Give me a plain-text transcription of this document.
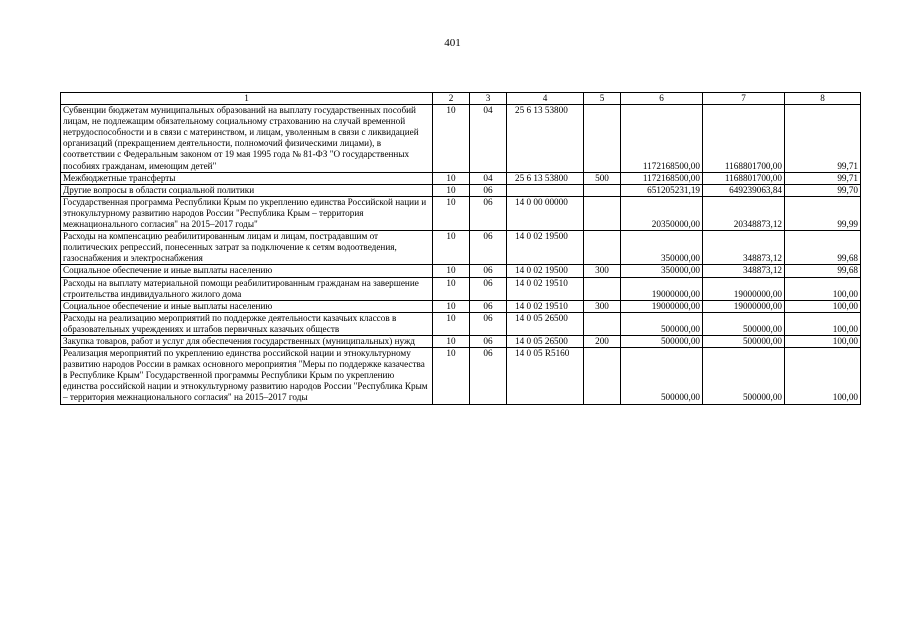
401
1	2	3	4	5	6	7	8
Субвенции бюджетам муниципальных образований на выплату государственных пособий лицам, не подлежащим обязательному социальному страхованию на случай временной нетрудоспособности и в связи с материнством, и лицам, уволенным в связи с ликвидацией организаций (прекращением деятельности, полномочий физическими лицами), в соответствии с Федеральным законом от 19 мая 1995 года № 81-ФЗ "О государственных пособиях гражданам, имеющим детей"	10	04	25 6 13 53800		1172168500,00	1168801700,00	99,71
Межбюджетные трансферты	10	04	25 6 13 53800	500	1172168500,00	1168801700,00	99,71
Другие вопросы в области социальной политики	10	06			651205231,19	649239063,84	99,70
Государственная программа Республики Крым по укреплению единства Российской нации и этнокультурному развитию народов России "Республика Крым – территория межнационального согласия" на 2015–2017 годы"	10	06	14 0 00 00000		20350000,00	20348873,12	99,99
Расходы на компенсацию реабилитированным лицам и лицам, пострадавшим от политических репрессий, понесенных затрат за подключение к сетям водоотведения, газоснабжения и электроснабжения	10	06	14 0 02 19500		350000,00	348873,12	99,68
Социальное обеспечение и иные выплаты населению	10	06	14 0 02 19500	300	350000,00	348873,12	99,68
Расходы на выплату материальной помощи реабилитированным гражданам на завершение строительства индивидуального жилого дома	10	06	14 0 02 19510		19000000,00	19000000,00	100,00
Социальное обеспечение и иные выплаты населению	10	06	14 0 02 19510	300	19000000,00	19000000,00	100,00
Расходы на реализацию мероприятий по поддержке деятельности казачьих классов в образовательных учреждениях и штабов первичных казачьих обществ	10	06	14 0 05 26500		500000,00	500000,00	100,00
Закупка товаров, работ и услуг для обеспечения государственных (муниципальных) нужд	10	06	14 0 05 26500	200	500000,00	500000,00	100,00
Реализация мероприятий по укреплению единства российской нации и этнокультурному развитию народов России в рамках основного мероприятия "Меры по поддержке казачества в Республике Крым" Государственной программы Республики Крым по укреплению единства российской нации и этнокультурному развитию народов России "Республика Крым – территория межнационального согласия" на 2015–2017 годы	10	06	14 0 05 R5160		500000,00	500000,00	100,00
